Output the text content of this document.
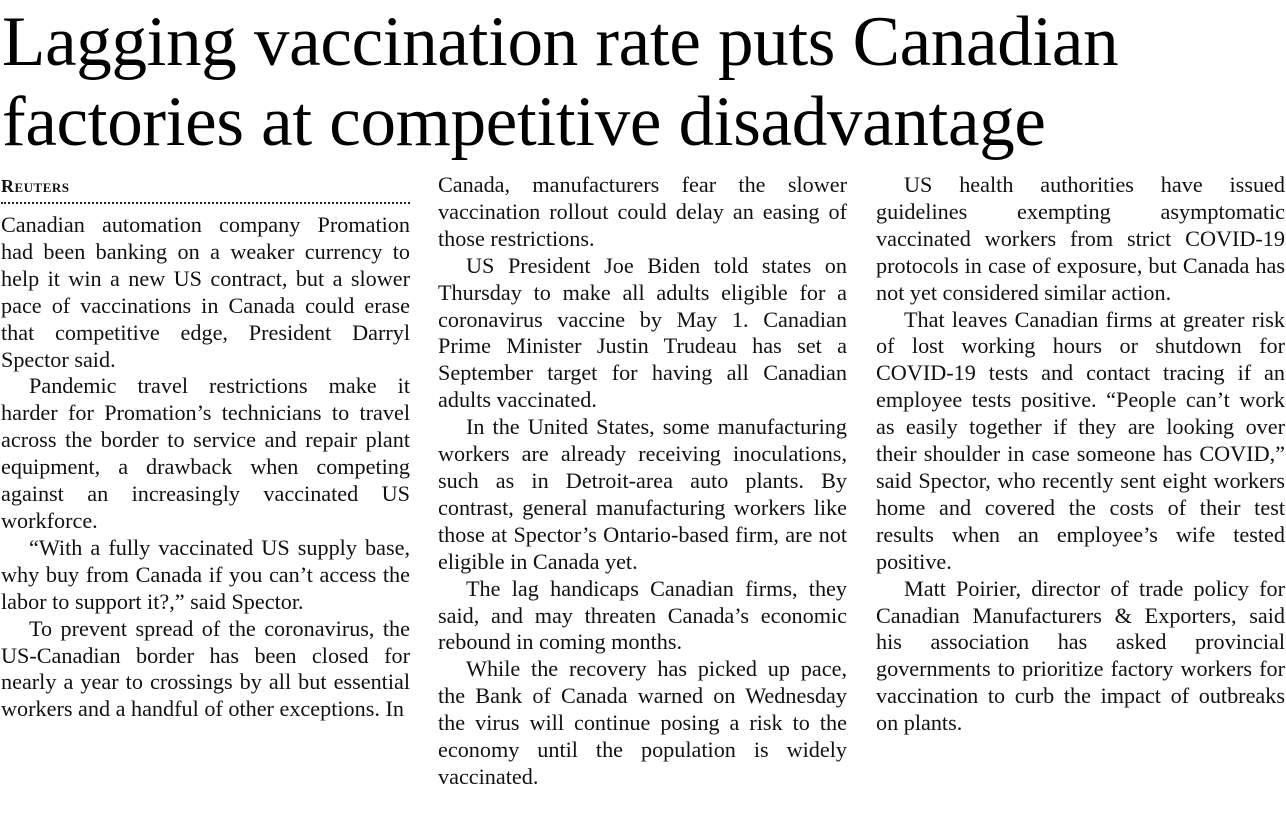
Lagging vaccination rate puts Canadian
factories at competitive disadvantage
Reuters

Canadian automation company Promation had been banking on a weaker currency to help it win a new US contract, but a slower pace of vaccinations in Canada could erase that competitive edge, President Darryl Spector said.

Pandemic travel restrictions make it harder for Promation’s technicians to travel across the border to service and repair plant equipment, a drawback when competing against an increasingly vaccinated US workforce.

“With a fully vaccinated US supply base, why buy from Canada if you can’t access the labor to support it?,” said Spector.

To prevent spread of the coronavirus, the US-Canadian border has been closed for nearly a year to crossings by all but essential workers and a handful of other exceptions. In

Canada, manufacturers fear the slower vaccination rollout could delay an easing of those restrictions.

US President Joe Biden told states on Thursday to make all adults eligible for a coronavirus vaccine by May 1. Canadian Prime Minister Justin Trudeau has set a September target for having all Canadian adults vaccinated.

In the United States, some manufacturing workers are already receiving inoculations, such as in Detroit-area auto plants. By contrast, general manufacturing workers like those at Spector’s Ontario-based firm, are not eligible in Canada yet.

The lag handicaps Canadian firms, they said, and may threaten Canada’s economic rebound in coming months.

While the recovery has picked up pace, the Bank of Canada warned on Wednesday the virus will continue posing a risk to the economy until the population is widely vaccinated.

US health authorities have issued guidelines exempting asymptomatic vaccinated workers from strict COVID-19 protocols in case of exposure, but Canada has not yet considered similar action.

That leaves Canadian firms at greater risk of lost working hours or shutdown for COVID-19 tests and contact tracing if an employee tests positive. “People can’t work as easily together if they are looking over their shoulder in case someone has COVID,” said Spector, who recently sent eight workers home and covered the costs of their test results when an employee’s wife tested positive.

Matt Poirier, director of trade policy for Canadian Manufacturers & Exporters, said his association has asked provincial governments to prioritize factory workers for vaccination to curb the impact of outbreaks on plants.
